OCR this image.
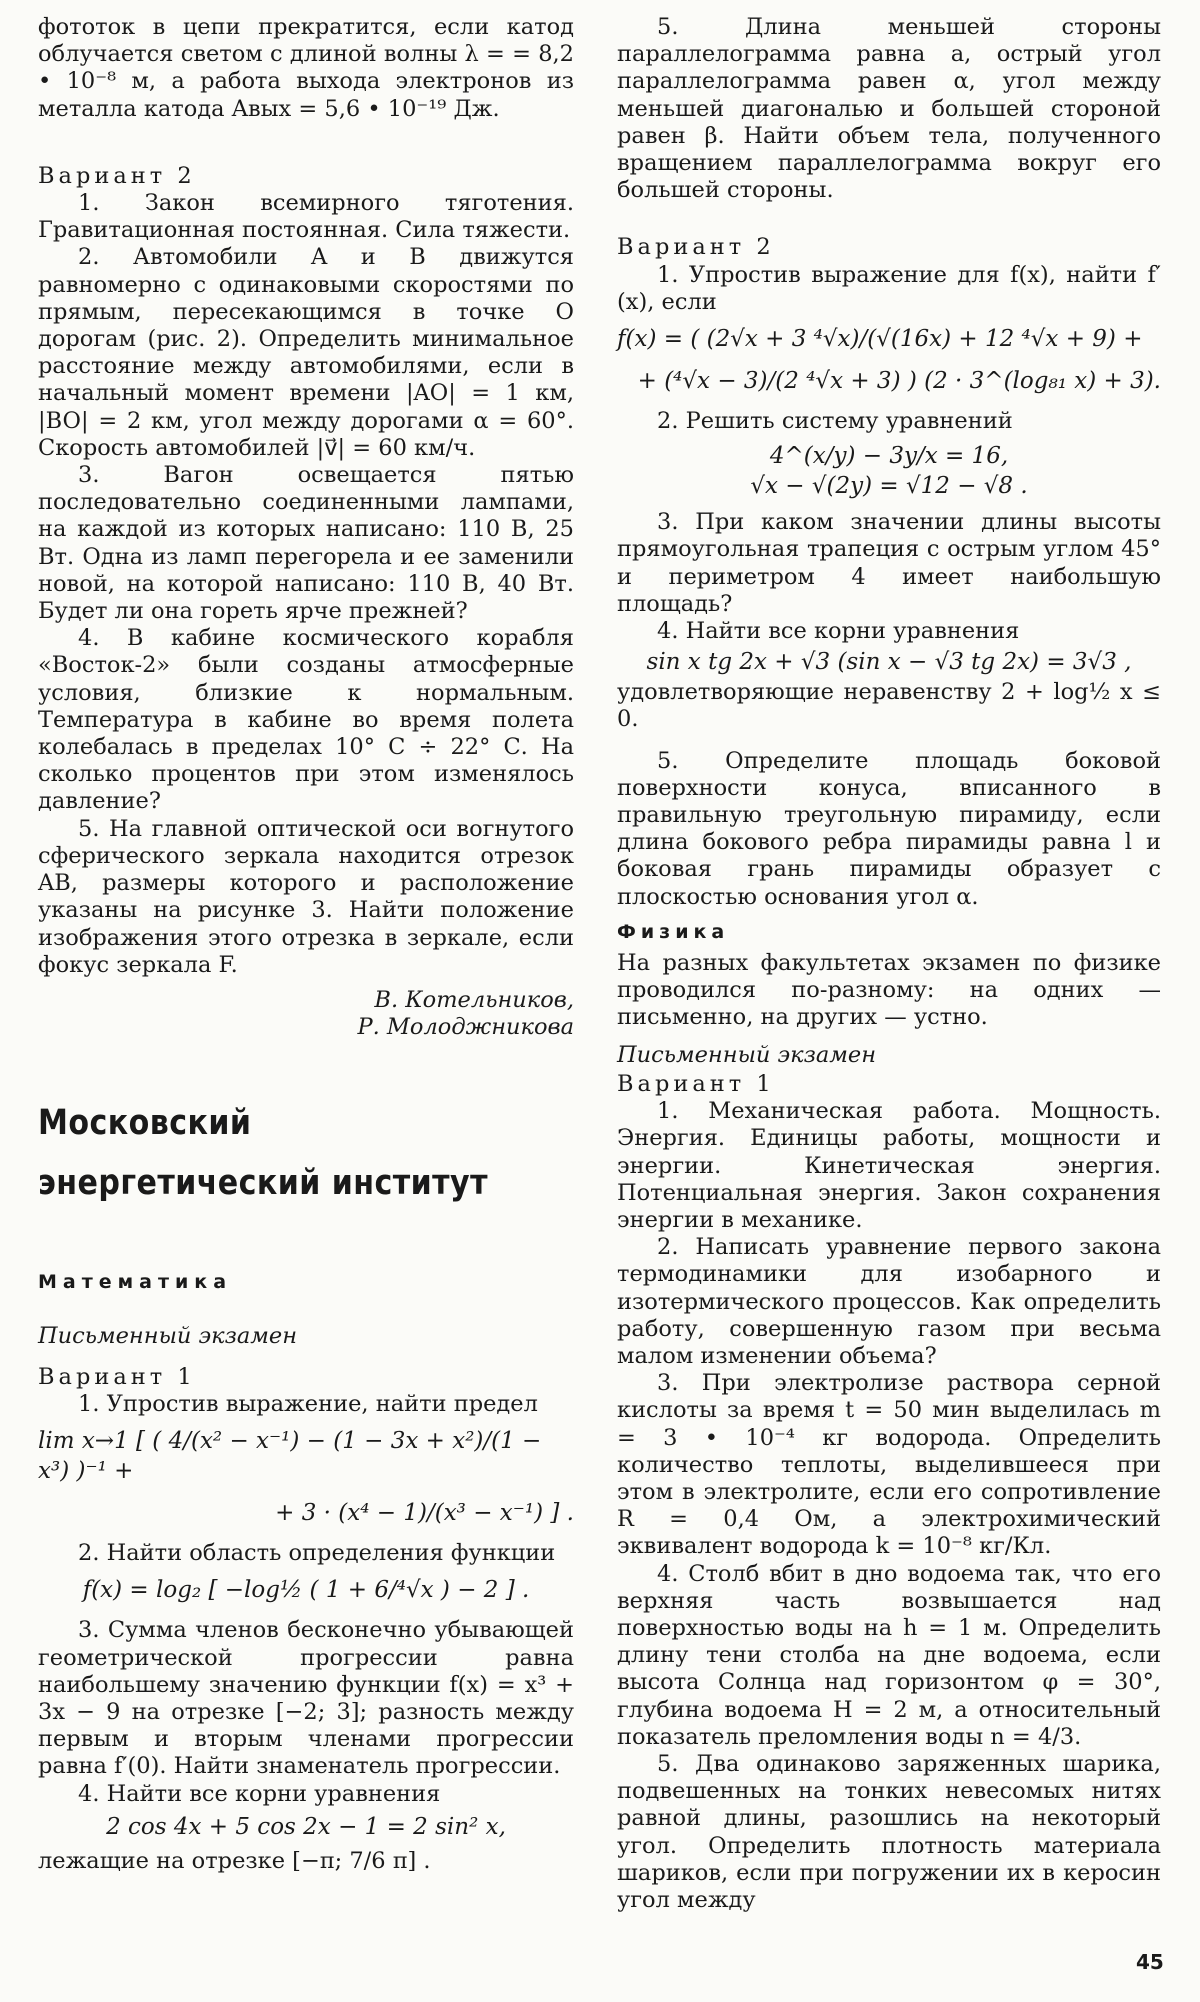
фототок в цепи прекратится, если катод облучается светом с длиной волны λ = = 8,2 • 10⁻⁸ м, а работа выхода электронов из металла катода Aвых = 5,6 • 10⁻¹⁹ Дж.

Вариант 2

1. Закон всемирного тяготения. Гравитационная постоянная. Сила тяжести.

2. Автомобили A и B движутся равномерно с одинаковыми скоростями по прямым, пересекающимся в точке O дорогам (рис. 2). Определить минимальное расстояние между автомобилями, если в начальный момент времени |AO| = 1 км, |BO| = 2 км, угол между дорогами α = 60°. Скорость автомобилей |v⃗| = 60 км/ч.

3. Вагон освещается пятью последовательно соединенными лампами, на каждой из которых написано: 110 В, 25 Вт. Одна из ламп перегорела и ее заменили новой, на которой написано: 110 В, 40 Вт. Будет ли она гореть ярче прежней?

4. В кабине космического корабля «Восток-2» были созданы атмосферные условия, близкие к нормальным. Температура в кабине во время полета колебалась в пределах 10° С ÷ 22° С. На сколько процентов при этом изменялось давление?

5. На главной оптической оси вогнутого сферического зеркала находится отрезок AB, размеры которого и расположение указаны на рисунке 3. Найти положение изображения этого отрезка в зеркале, если фокус зеркала F.

В. Котельников,

Р. Молоджникова

Московский
энергетический институт
Математика

Письменный экзамен

Вариант 1

1. Упростив выражение, найти предел

lim x→1 [ ( 4/(x² − x⁻¹) − (1 − 3x + x²)/(1 − x³) )⁻¹ +

+ 3 · (x⁴ − 1)/(x³ − x⁻¹) ] .

2. Найти область определения функции

f(x) = log₂ [ −log½ ( 1 + 6/⁴√x ) − 2 ] .

3. Сумма членов бесконечно убывающей геометрической прогрессии равна наибольшему значению функции f(x) = x³ + 3x − 9 на отрезке [−2; 3]; разность между первым и вторым членами прогрессии равна f′(0). Найти знаменатель прогрессии.

4. Найти все корни уравнения

2 cos 4x + 5 cos 2x − 1 = 2 sin² x,

лежащие на отрезке [−π; 7/6 π] .

5. Длина меньшей стороны параллелограмма равна a, острый угол параллелограмма равен α, угол между меньшей диагональю и большей стороной равен β. Найти объем тела, полученного вращением параллелограмма вокруг его большей стороны.

Вариант 2

1. Упростив выражение для f(x), найти f′(x), если

f(x) = ( (2√x + 3 ⁴√x)/(√(16x) + 12 ⁴√x + 9) +

+ (⁴√x − 3)/(2 ⁴√x + 3) ) (2 · 3^(log₈₁ x) + 3).

2. Решить систему уравнений

4^(x/y) − 3y/x = 16,

√x − √(2y) = √12 − √8 .

3. При каком значении длины высоты прямоугольная трапеция с острым углом 45° и периметром 4 имеет наибольшую площадь?

4. Найти все корни уравнения

sin x tg 2x + √3 (sin x − √3 tg 2x) = 3√3 ,

удовлетворяющие неравенству 2 + log½ x ≤ 0.

5. Определите площадь боковой поверхности конуса, вписанного в правильную треугольную пирамиду, если длина бокового ребра пирамиды равна l и боковая грань пирамиды образует с плоскостью основания угол α.

Физика

На разных факультетах экзамен по физике проводился по-разному: на одних — письменно, на других — устно.

Письменный экзамен

Вариант 1

1. Механическая работа. Мощность. Энергия. Единицы работы, мощности и энергии. Кинетическая энергия. Потенциальная энергия. Закон сохранения энергии в механике.

2. Написать уравнение первого закона термодинамики для изобарного и изотермического процессов. Как определить работу, совершенную газом при весьма малом изменении объема?

3. При электролизе раствора серной кислоты за время t = 50 мин выделилась m = 3 • 10⁻⁴ кг водорода. Определить количество теплоты, выделившееся при этом в электролите, если его сопротивление R = 0,4 Ом, а электрохимический эквивалент водорода k = 10⁻⁸ кг/Кл.

4. Столб вбит в дно водоема так, что его верхняя часть возвышается над поверхностью воды на h = 1 м. Определить длину тени столба на дне водоема, если высота Солнца над горизонтом φ = 30°, глубина водоема H = 2 м, а относительный показатель преломления воды n = 4/3.

5. Два одинаково заряженных шарика, подвешенных на тонких невесомых нитях равной длины, разошлись на некоторый угол. Определить плотность материала шариков, если при погружении их в керосин угол между

45
